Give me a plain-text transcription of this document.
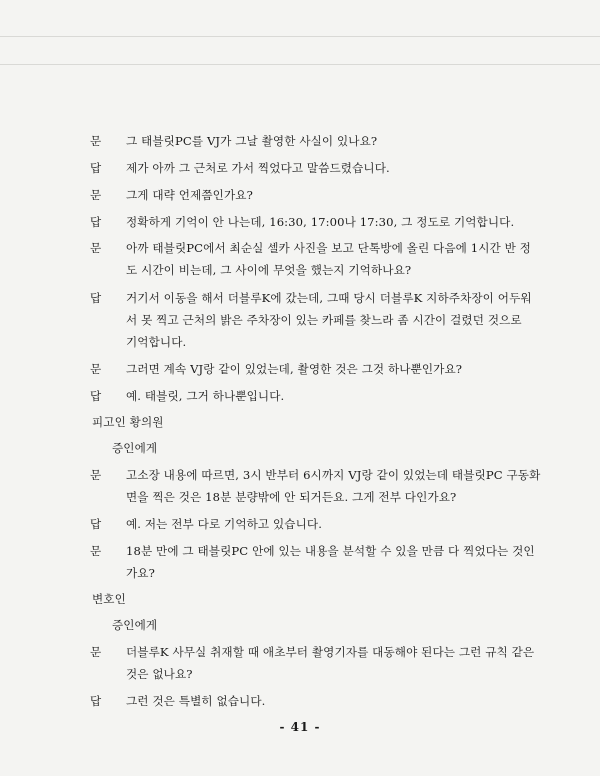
문 그 태블릿PC를 VJ가 그날 촬영한 사실이 있나요?
답 제가 아까 그 근처로 가서 찍었다고 말씀드렸습니다.
문 그게 대략 언제쯤인가요?
답 정확하게 기억이 안 나는데, 16:30, 17:00나 17:30, 그 정도로 기억합니다.
문 아까 태블릿PC에서 최순실 셀카 사진을 보고 단톡방에 올린 다음에 1시간 반 정
도 시간이 비는데, 그 사이에 무엇을 했는지 기억하나요?
답 거기서 이동을 해서 더블루K에 갔는데, 그때 당시 더블루K 지하주차장이 어두워
서 못 찍고 근처의 밝은 주차장이 있는 카페를 찾느라 좀 시간이 걸렸던 것으로
기억합니다.
문 그러면 계속 VJ랑 같이 있었는데, 촬영한 것은 그것 하나뿐인가요?
답 예. 태블릿, 그거 하나뿐입니다.
피고인 황의원
증인에게
문 고소장 내용에 따르면, 3시 반부터 6시까지 VJ랑 같이 있었는데 태블릿PC 구동화
면을 찍은 것은 18분 분량밖에 안 되거든요. 그게 전부 다인가요?
답 예. 저는 전부 다로 기억하고 있습니다.
문 18분 만에 그 태블릿PC 안에 있는 내용을 분석할 수 있을 만큼 다 찍었다는 것인
가요?
변호인
증인에게
문 더블루K 사무실 취재할 때 애초부터 촬영기자를 대동해야 된다는 그런 규칙 같은
것은 없나요?
답 그런 것은 특별히 없습니다.
- 41 -
